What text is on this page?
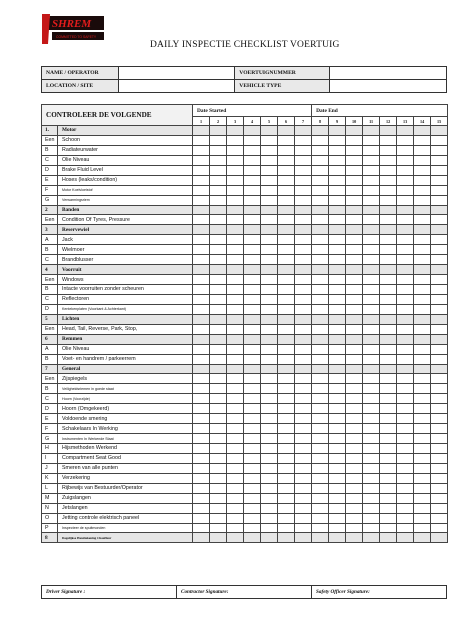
SHREM
COMMITTED TO SAFETY
DAILY INSPECTIE CHECKLIST VOERTUIG
NAME / OPERATOR		VOERTUIGNUMMER	
LOCATION / SITE		VEHICLE TYPE	
CONTROLEER DE VOLGENDE		Date Started							Date End							
		1	2	3	4	5	6	7	8	9	10	11	12	13	14	15
1.	Motor															
Een	Schoon															
B	Radiateurwater															
C	Olie Niveau															
D	Brake Fluid Level															
E	Hoses (leaks/condition)															
F	Motor Koelvloeistof															
G	Verwarmingsriem															
2	Banden															
Een	Condition Of Tyres, Pressure															
3	Reservewiel															
A	Jack															
B	Wielmoer															
C	Brandblusser															
4	Voorruit															
Een	Windows															
B	Intacte voorruiten zonder scheuren															
C	Reflectoren															
D	Kentekenplaten (Voorkant & Achterkant)															
5	Lichten															
Een	Head, Tail, Reverse, Park, Stop,															
6	Remmen															
A	Olie Niveau															
B	Voet- en handrem / parkeerrem															
7	General															
Een	Zijspiegels															
B	Veiligheidsriemen in goede staat															
C	Hoorn (Voorzijde)															
D	Hoorn (Omgekeerd)															
E	Voldoende smering															
F	Schakelaars In Werking															
G	Instrumenten In Werkende Staat															
H	Hijsmethoden Werkend															
I	Compartment Seat Good															
J	Smeren van alle punten															
K	Verzekering															
L	Rijbewijs van Bestuurder/Operator															
M	Zuigslangen															
N	Jetslangen															
O	Jetting controle elektrisch paneel															
P	Inspecteer de spuitmonden															
8	Dagelijkse Handtekening Chauffeur															
Driver Signature :	Contractor Signature:	Safety Officer Signature:
